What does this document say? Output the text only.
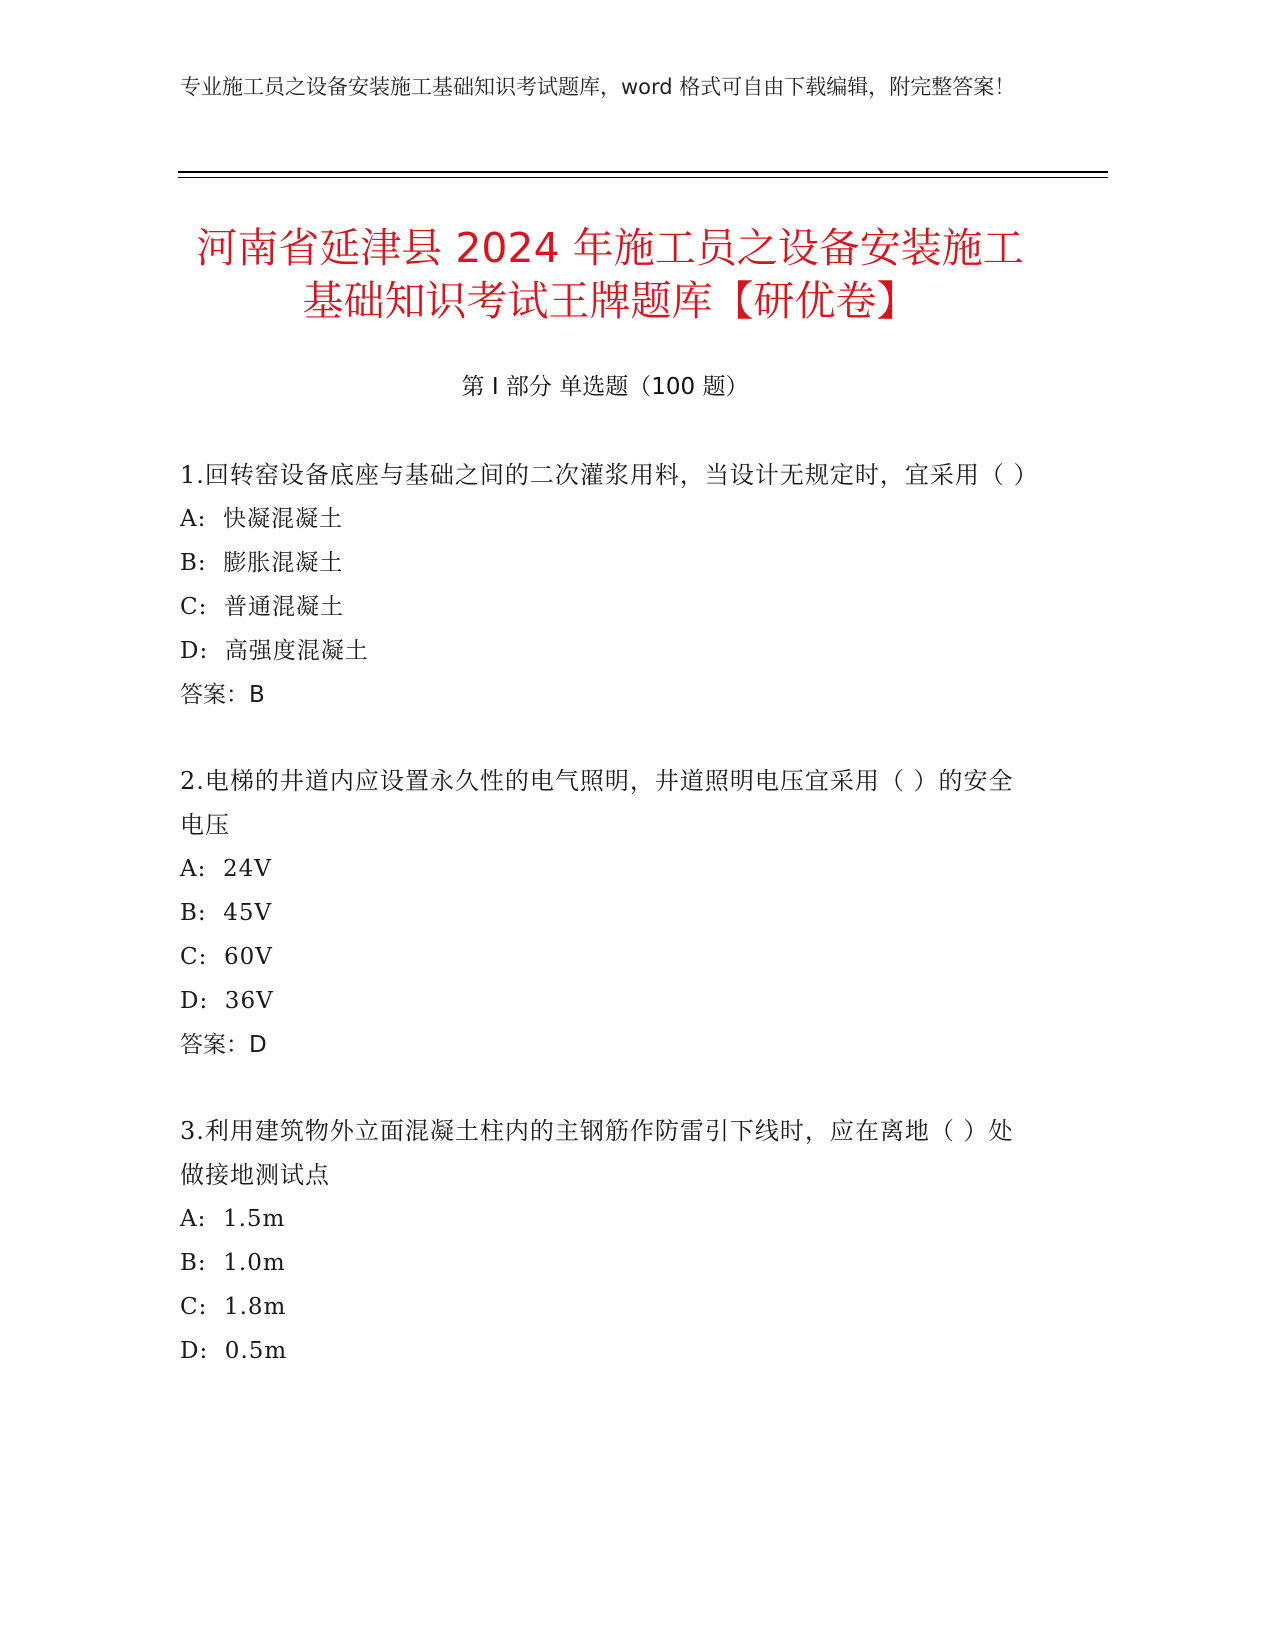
专业施工员之设备安装施工基础知识考试题库，word 格式可自由下载编辑，附完整答案！
河南省延津县 2024 年施工员之设备安装施工
基础知识考试王牌题库【研优卷】
第 I 部分 单选题（100 题）

1.回转窑设备底座与基础之间的二次灌浆用料，当设计无规定时，宜采用（ ）

A:  快凝混凝土
B:  膨胀混凝土
C:  普通混凝土
D:  高强度混凝土
答案：B

2.电梯的井道内应设置永久性的电气照明，井道照明电压宜采用（ ）的安全电压

A:  24V
B:  45V
C:  60V
D:  36V
答案：D

3.利用建筑物外立面混凝土柱内的主钢筋作防雷引下线时，应在离地（ ）处做接地测试点

A:  1.5m
B:  1.0m
C:  1.8m
D:  0.5m
